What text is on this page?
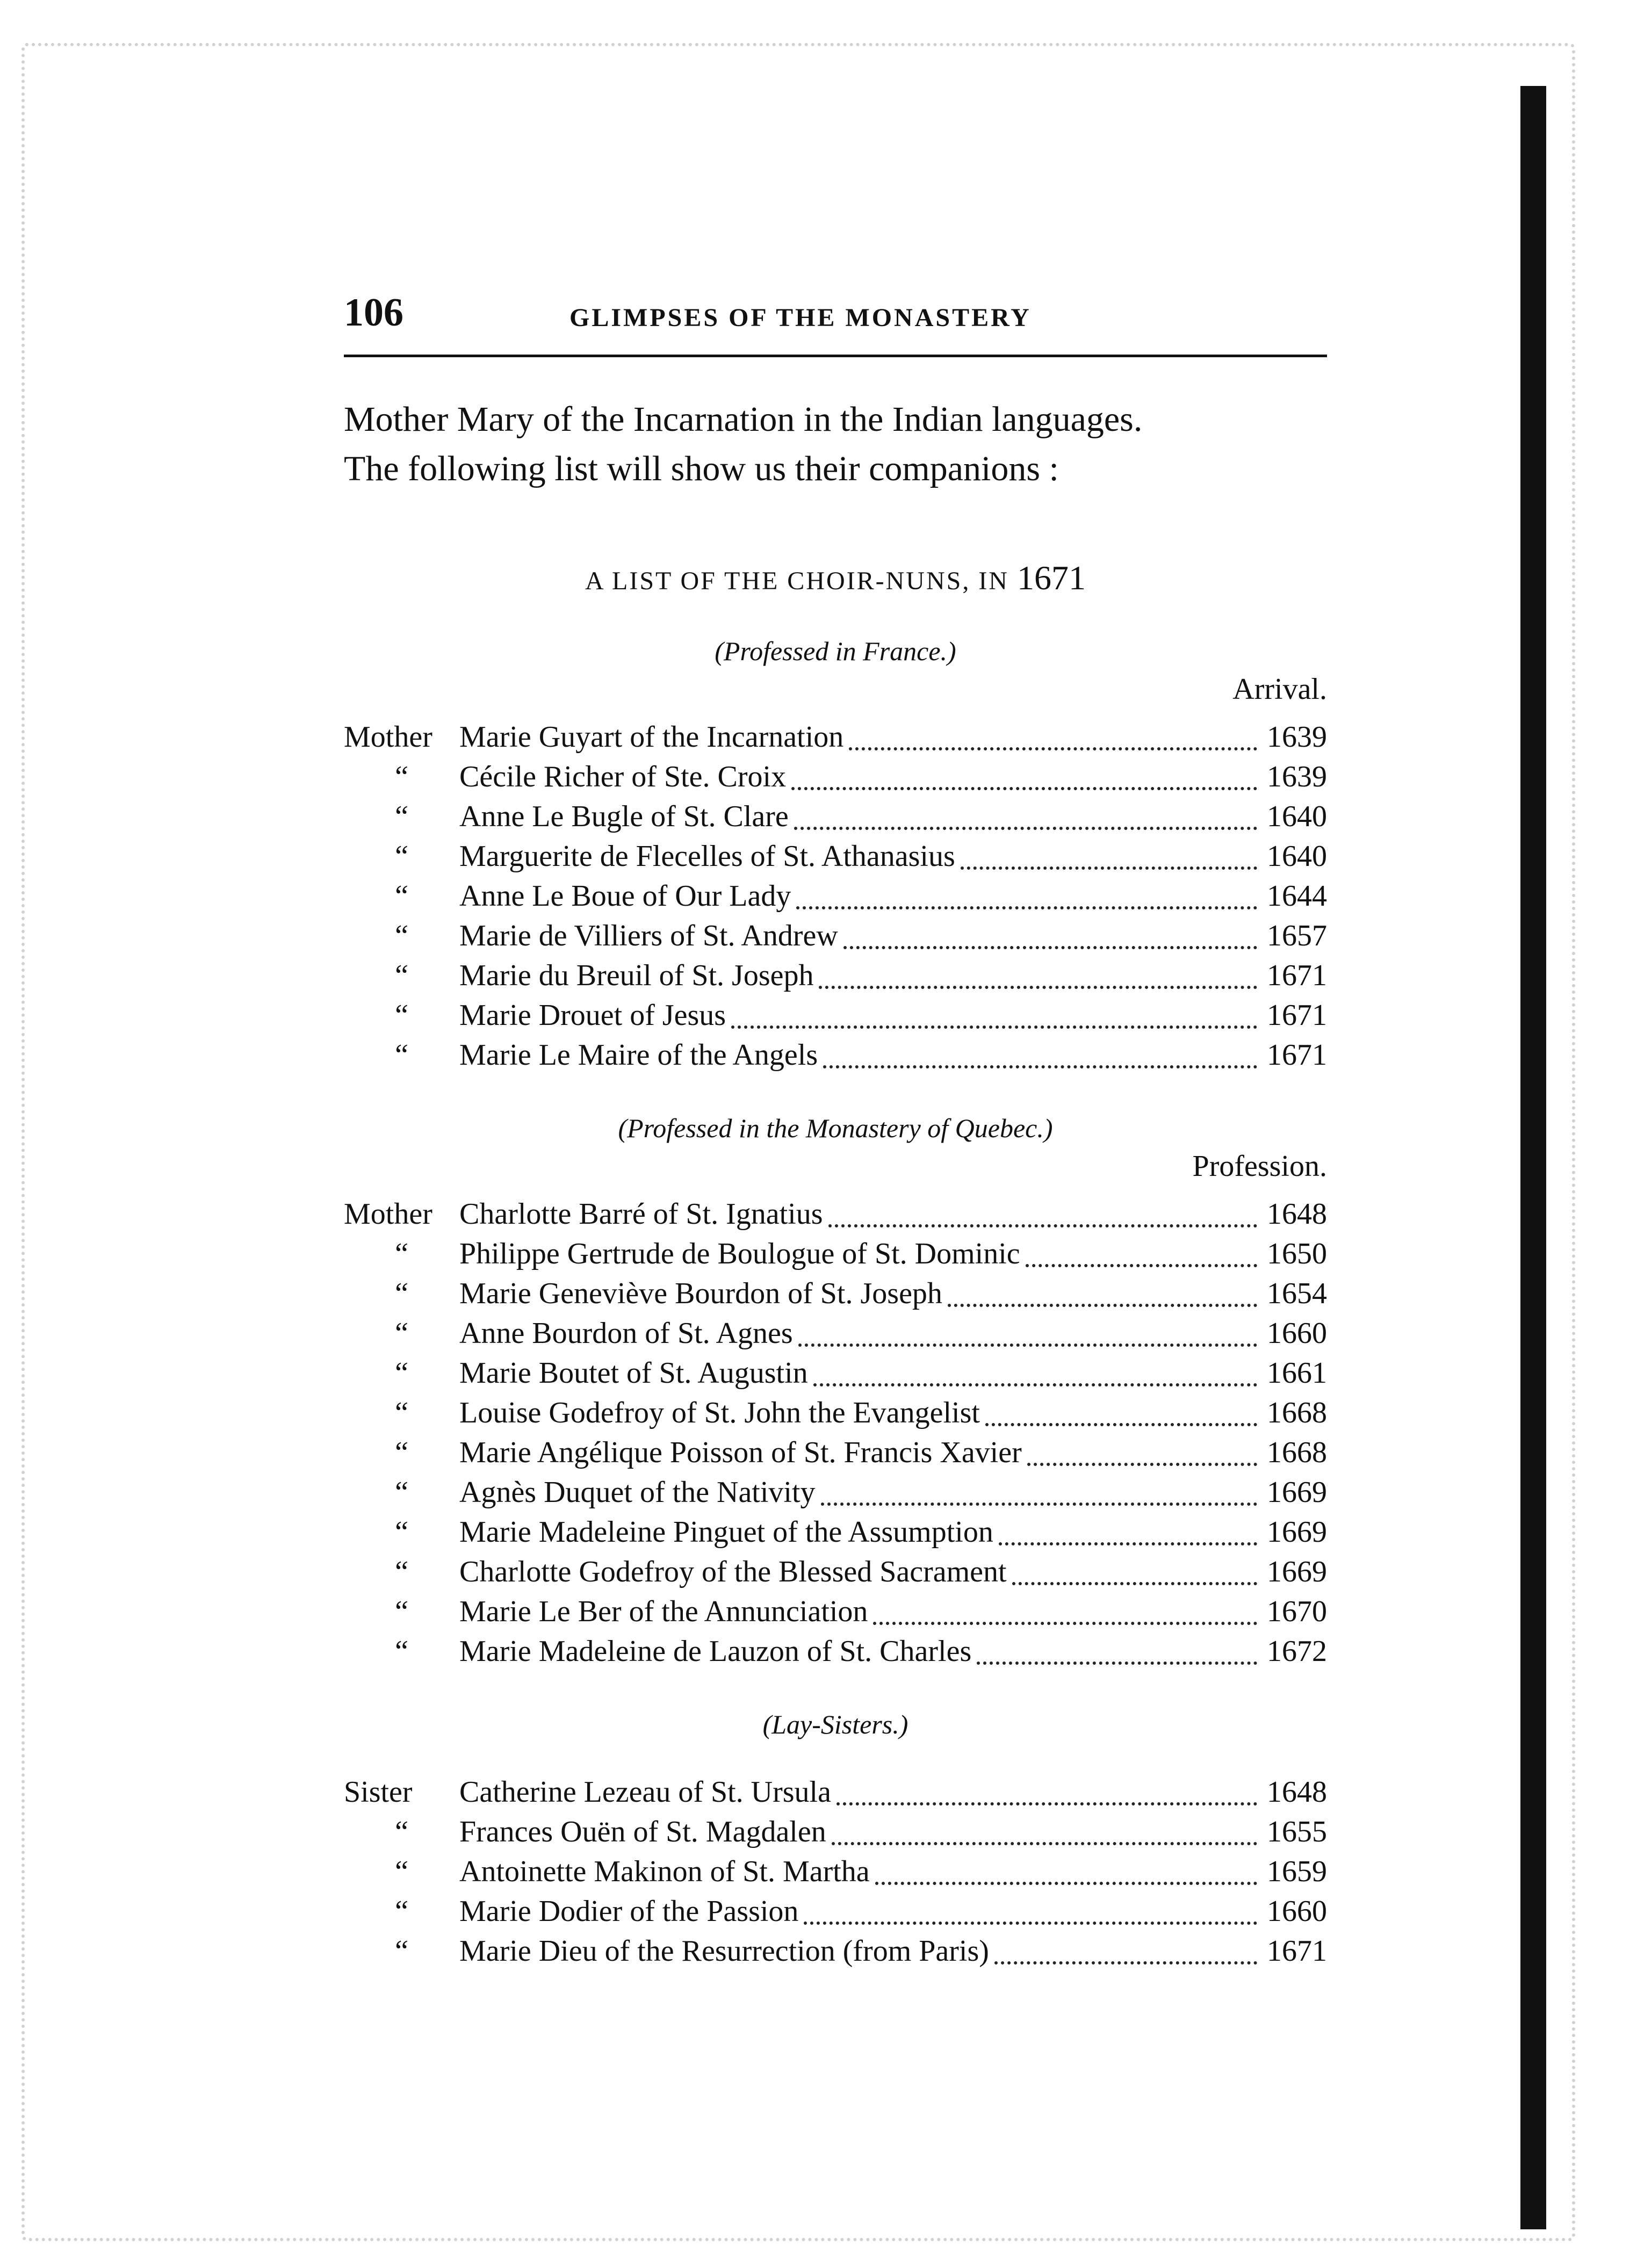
106	GLIMPSES OF THE MONASTERY
Mother Mary of the Incarnation in the Indian languages.
The following list will show us their companions :
A LIST OF THE CHOIR-NUNS, IN 1671
(Professed in France.)
Arrival.
Mother Marie Guyart of the Incarnation	1639
“	Cécile Richer of Ste. Croix	1639
“	Anne Le Bugle of St. Clare	1640
“	Marguerite de Flecelles of St. Athanasius	1640
“	Anne Le Boue of Our Lady	1644
“	Marie de Villiers of St. Andrew	1657
“	Marie du Breuil of St. Joseph	1671
“	Marie Drouet of Jesus	1671
“	Marie Le Maire of the Angels	1671
(Professed in the Monastery of Quebec.)
Profession.
Mother Charlotte Barré of St. Ignatius	1648
“	Philippe Gertrude de Boulogue of St. Dominic	1650
“	Marie Geneviève Bourdon of St. Joseph	1654
“	Anne Bourdon of St. Agnes	1660
“	Marie Boutet of St. Augustin	1661
“	Louise Godefroy of St. John the Evangelist	1668
“	Marie Angélique Poisson of St. Francis Xavier	1668
“	Agnès Duquet of the Nativity	1669
“	Marie Madeleine Pinguet of the Assumption	1669
“	Charlotte Godefroy of the Blessed Sacrament	1669
“	Marie Le Ber of the Annunciation	1670
“	Marie Madeleine de Lauzon of St. Charles	1672
(Lay-Sisters.)
Sister	Catherine Lezeau of St. Ursula	1648
“	Frances Ouën of St. Magdalen	1655
“	Antoinette Makinon of St. Martha	1659
“	Marie Dodier of the Passion	1660
“	Marie Dieu of the Resurrection (from Paris)	1671
